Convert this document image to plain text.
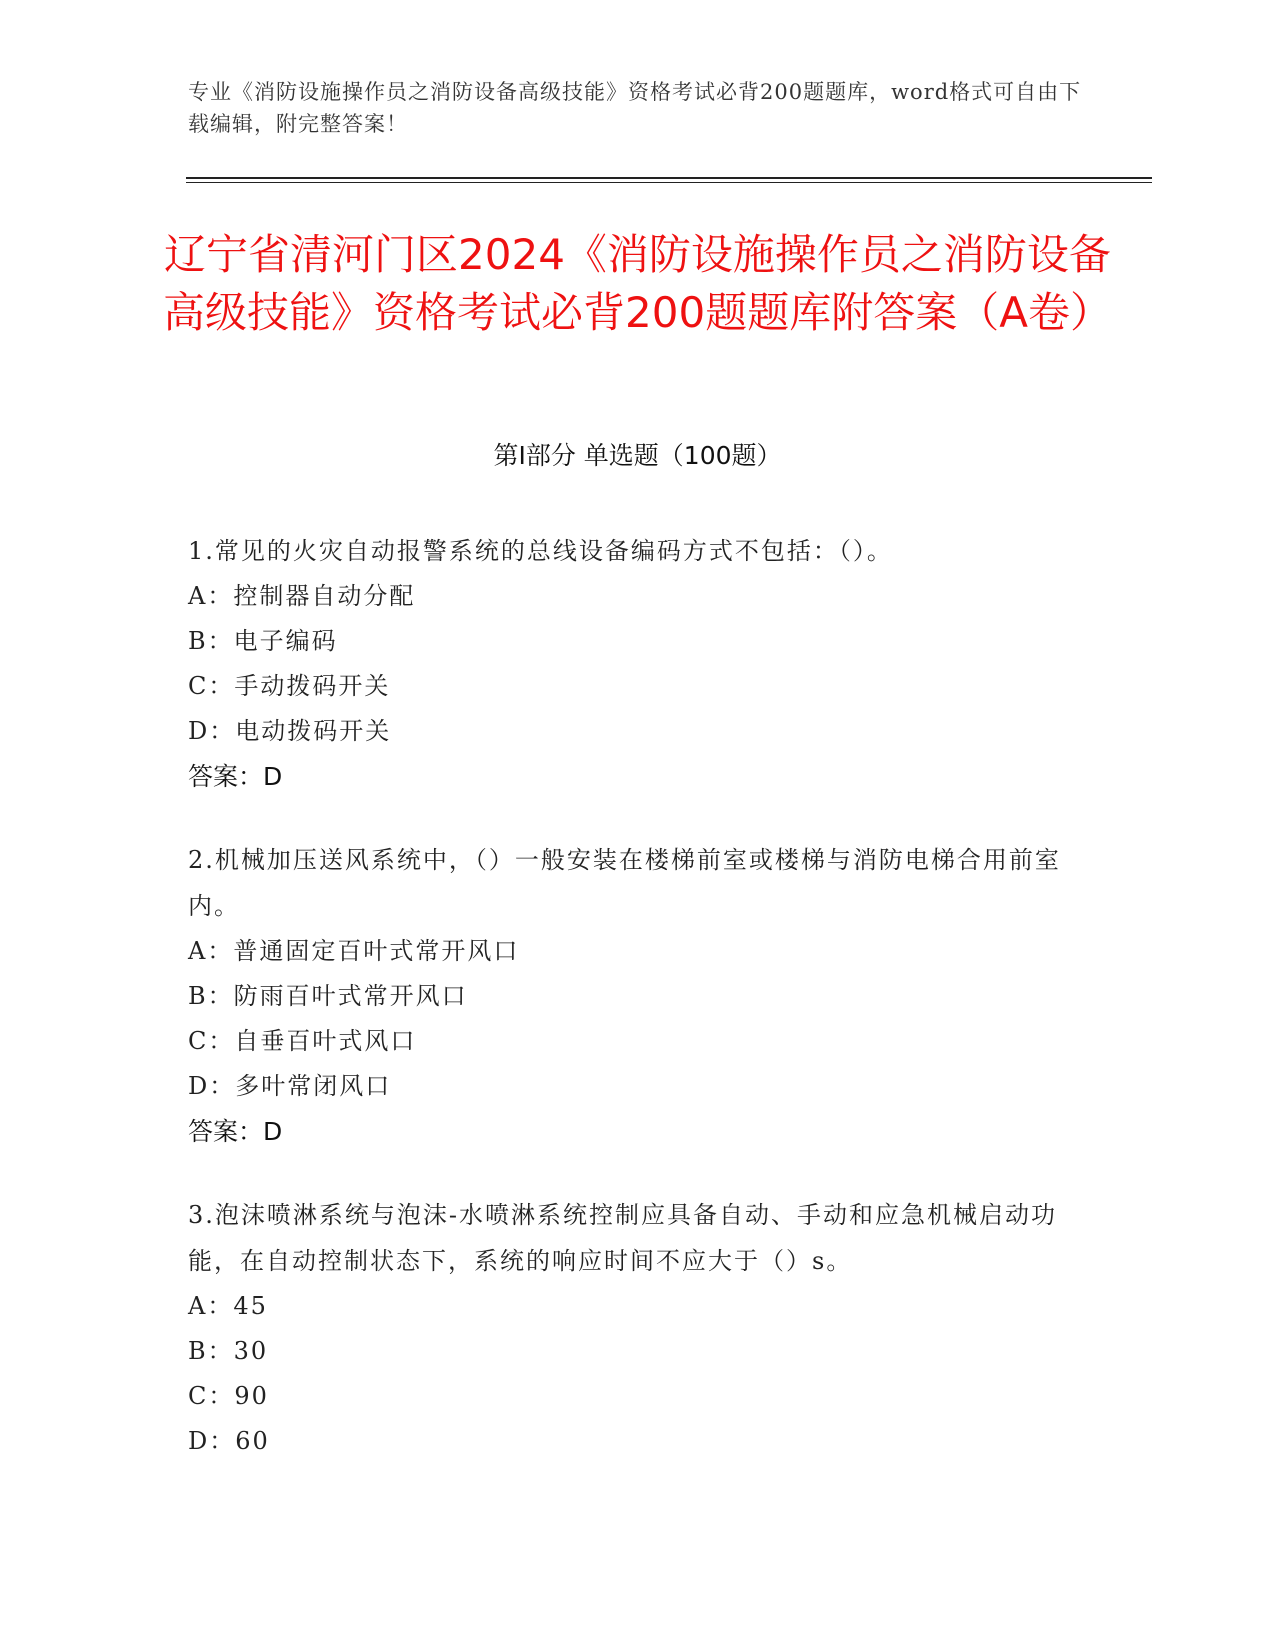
专业《消防设施操作员之消防设备高级技能》资格考试必背200题题库，word格式可自由下载编辑，附完整答案！
辽宁省清河门区2024《消防设施操作员之消防设备高级技能》资格考试必背200题题库附答案（A卷）
第I部分 单选题（100题）
1.常见的火灾自动报警系统的总线设备编码方式不包括：（）。
A：控制器自动分配
B：电子编码
C：手动拨码开关
D：电动拨码开关
答案：D
2.机械加压送风系统中，（）一般安装在楼梯前室或楼梯与消防电梯合用前室内。
A：普通固定百叶式常开风口
B：防雨百叶式常开风口
C：自垂百叶式风口
D：多叶常闭风口
答案：D
3.泡沫喷淋系统与泡沫-水喷淋系统控制应具备自动、手动和应急机械启动功能，在自动控制状态下，系统的响应时间不应大于（）s。
A：45
B：30
C：90
D：60
